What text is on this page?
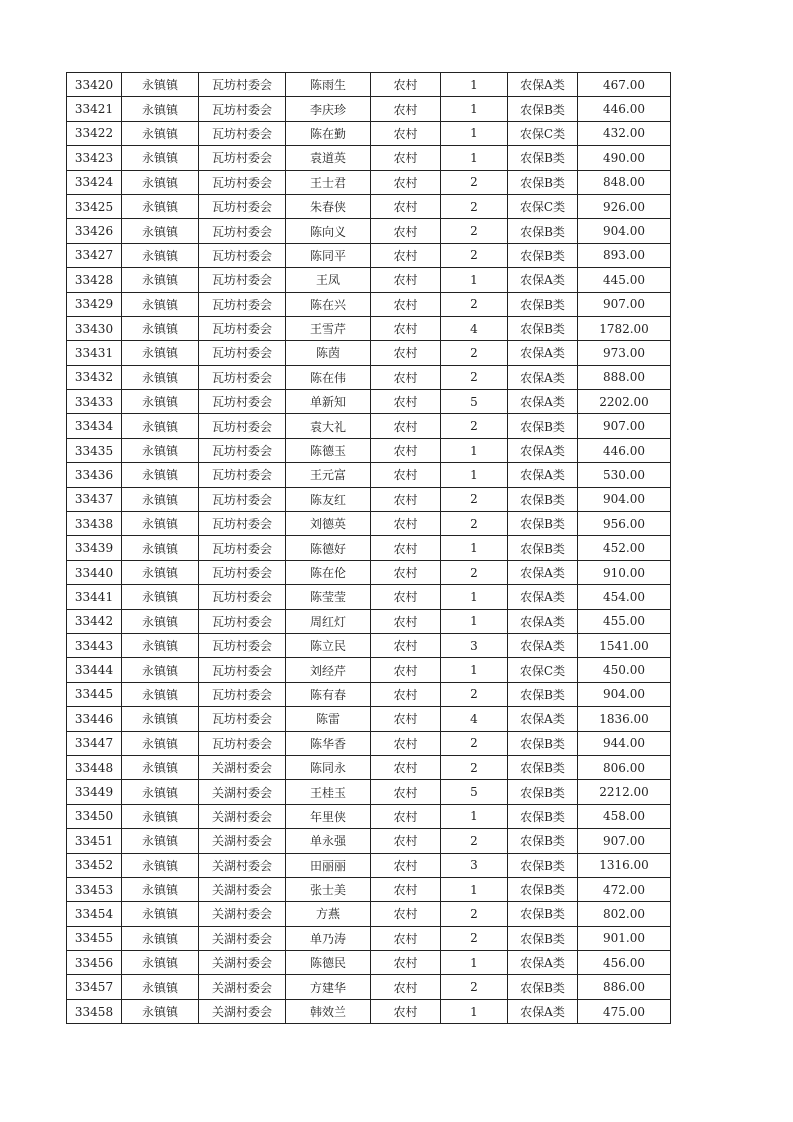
33420	永镇镇	瓦坊村委会	陈雨生	农村	1	农保A类	467.00
33421	永镇镇	瓦坊村委会	李庆珍	农村	1	农保B类	446.00
33422	永镇镇	瓦坊村委会	陈在勤	农村	1	农保C类	432.00
33423	永镇镇	瓦坊村委会	袁道英	农村	1	农保B类	490.00
33424	永镇镇	瓦坊村委会	王士君	农村	2	农保B类	848.00
33425	永镇镇	瓦坊村委会	朱春侠	农村	2	农保C类	926.00
33426	永镇镇	瓦坊村委会	陈向义	农村	2	农保B类	904.00
33427	永镇镇	瓦坊村委会	陈同平	农村	2	农保B类	893.00
33428	永镇镇	瓦坊村委会	王凤	农村	1	农保A类	445.00
33429	永镇镇	瓦坊村委会	陈在兴	农村	2	农保B类	907.00
33430	永镇镇	瓦坊村委会	王雪芹	农村	4	农保B类	1782.00
33431	永镇镇	瓦坊村委会	陈茵	农村	2	农保A类	973.00
33432	永镇镇	瓦坊村委会	陈在伟	农村	2	农保A类	888.00
33433	永镇镇	瓦坊村委会	单新知	农村	5	农保A类	2202.00
33434	永镇镇	瓦坊村委会	袁大礼	农村	2	农保B类	907.00
33435	永镇镇	瓦坊村委会	陈德玉	农村	1	农保A类	446.00
33436	永镇镇	瓦坊村委会	王元富	农村	1	农保A类	530.00
33437	永镇镇	瓦坊村委会	陈友红	农村	2	农保B类	904.00
33438	永镇镇	瓦坊村委会	刘德英	农村	2	农保B类	956.00
33439	永镇镇	瓦坊村委会	陈德好	农村	1	农保B类	452.00
33440	永镇镇	瓦坊村委会	陈在伦	农村	2	农保A类	910.00
33441	永镇镇	瓦坊村委会	陈莹莹	农村	1	农保A类	454.00
33442	永镇镇	瓦坊村委会	周红灯	农村	1	农保A类	455.00
33443	永镇镇	瓦坊村委会	陈立民	农村	3	农保A类	1541.00
33444	永镇镇	瓦坊村委会	刘经芹	农村	1	农保C类	450.00
33445	永镇镇	瓦坊村委会	陈有春	农村	2	农保B类	904.00
33446	永镇镇	瓦坊村委会	陈雷	农村	4	农保A类	1836.00
33447	永镇镇	瓦坊村委会	陈华香	农村	2	农保B类	944.00
33448	永镇镇	关湖村委会	陈同永	农村	2	农保B类	806.00
33449	永镇镇	关湖村委会	王桂玉	农村	5	农保B类	2212.00
33450	永镇镇	关湖村委会	年里侠	农村	1	农保B类	458.00
33451	永镇镇	关湖村委会	单永强	农村	2	农保B类	907.00
33452	永镇镇	关湖村委会	田丽丽	农村	3	农保B类	1316.00
33453	永镇镇	关湖村委会	张士美	农村	1	农保B类	472.00
33454	永镇镇	关湖村委会	方燕	农村	2	农保B类	802.00
33455	永镇镇	关湖村委会	单乃涛	农村	2	农保B类	901.00
33456	永镇镇	关湖村委会	陈德民	农村	1	农保A类	456.00
33457	永镇镇	关湖村委会	方建华	农村	2	农保B类	886.00
33458	永镇镇	关湖村委会	韩效兰	农村	1	农保A类	475.00
